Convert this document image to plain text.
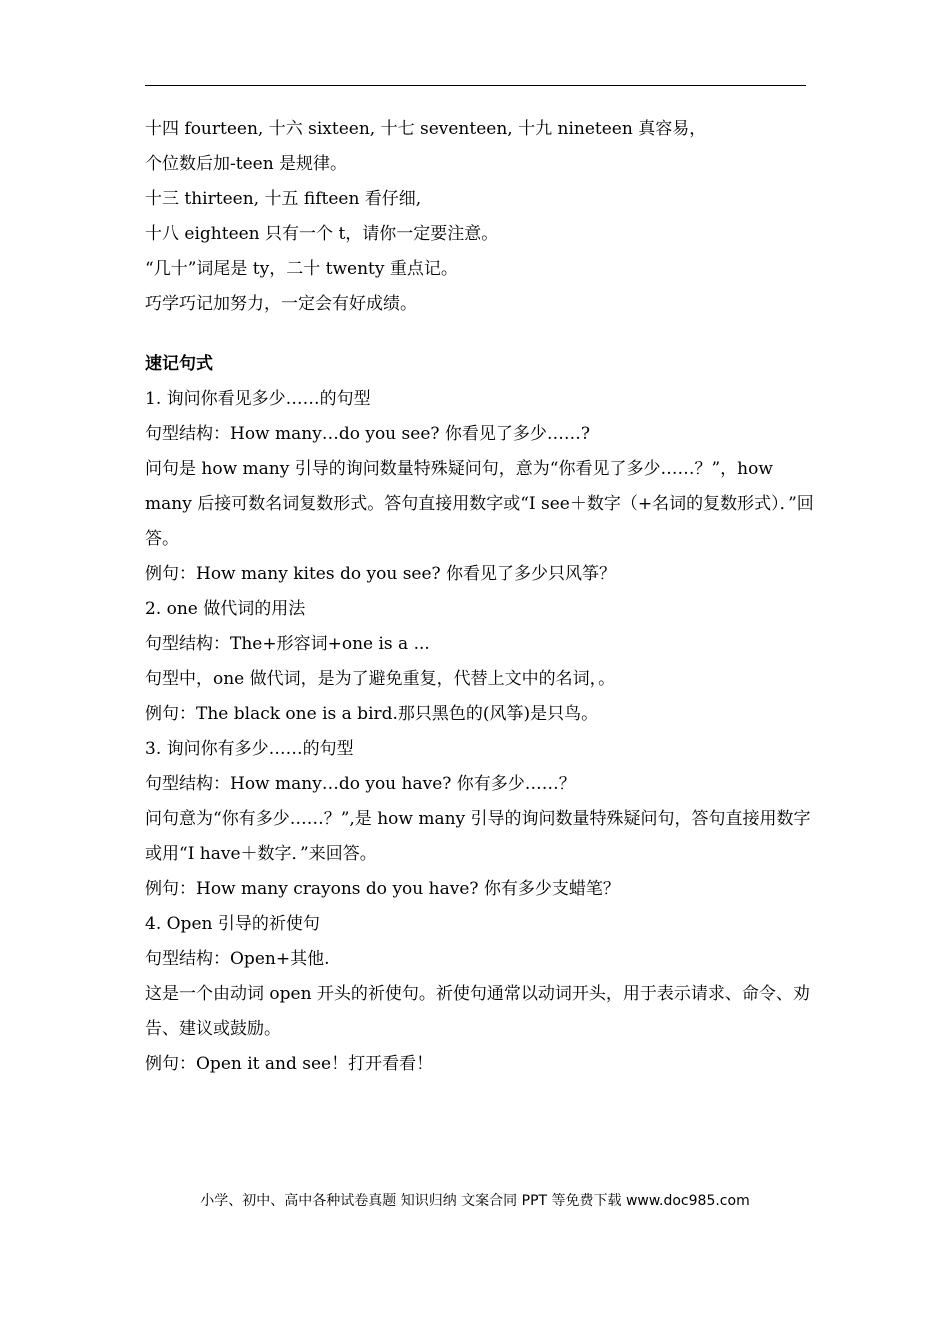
十四 fourteen, 十六 sixteen, 十七 seventeen, 十九 nineteen 真容易，
个位数后加-teen 是规律。
十三 thirteen, 十五 fifteen 看仔细,
十八 eighteen 只有一个 t，请你一定要注意。
“几十”词尾是 ty，二十 twenty 重点记。
巧学巧记加努力，一定会有好成绩。
速记句式
1. 询问你看见多少……的句型
句型结构：How many…do you see? 你看见了多少……?
问句是 how many 引导的询问数量特殊疑问句，意为“你看见了多少……？”，how many 后接可数名词复数形式。答句直接用数字或“I see＋数字（+名词的复数形式）．”回答。
例句：How many kites do you see? 你看见了多少只风筝？
2. one 做代词的用法
句型结构：The+形容词+one is a ...
句型中，one 做代词，是为了避免重复，代替上文中的名词，。
例句：The black one is a bird.那只黑色的(风筝)是只鸟。
3. 询问你有多少……的句型
句型结构：How many…do you have? 你有多少……？
问句意为“你有多少……？”,是 how many 引导的询问数量特殊疑问句，答句直接用数字或用“I have＋数字．”来回答。
例句：How many crayons do you have? 你有多少支蜡笔？
4. Open 引导的祈使句
句型结构：Open+其他.
这是一个由动词 open 开头的祈使句。祈使句通常以动词开头，用于表示请求、命令、劝告、建议或鼓励。
例句：Open it and see！打开看看！
小学、初中、高中各种试卷真题 知识归纳 文案合同 PPT 等免费下载 www.doc985.com
